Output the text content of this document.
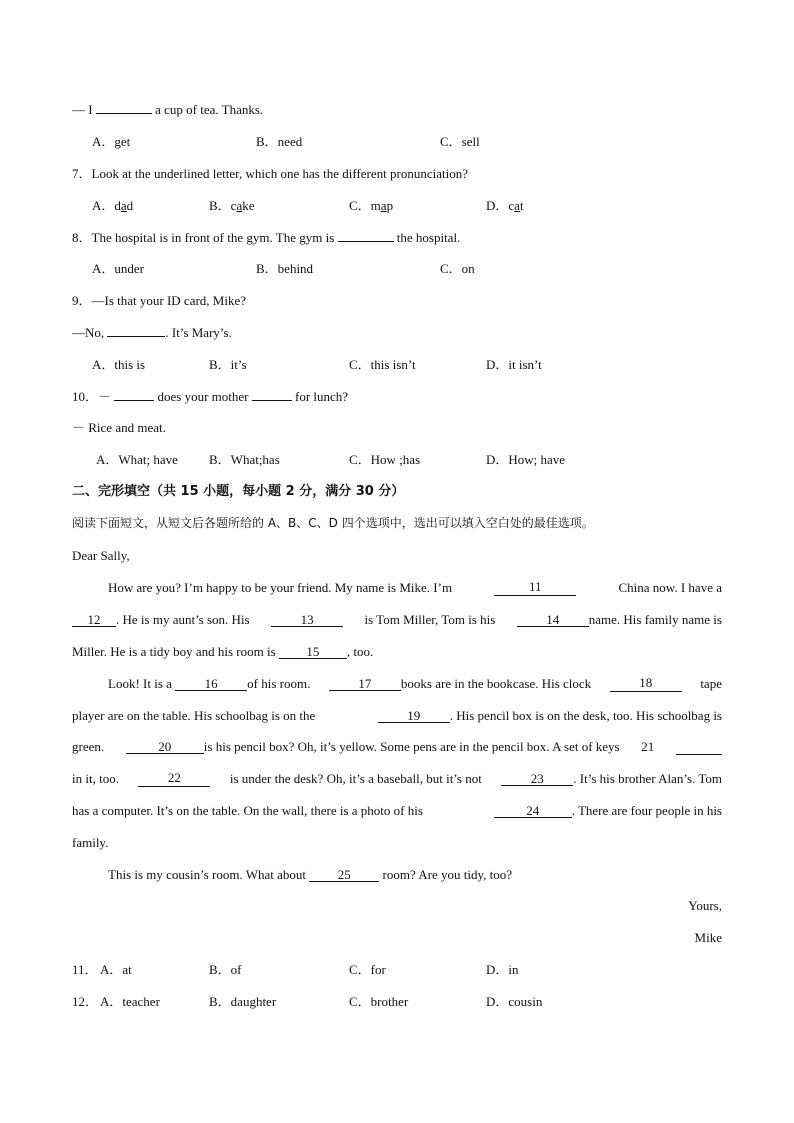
— I	a cup of tea. Thanks.
A．get	B．need	C．sell
7．Look at the underlined letter, which one has the different pronunciation?
A．dad	B．cake	C．map	D．cat
8．The hospital is in front of the gym. The gym is	the hospital.
A．under	B．behind	C．on
9．—Is that your ID card, Mike?
—No,	. It’s Mary’s.
A．this is	B．it’s	C．this isn’t	D．it isn’t
10．－	does your mother	for lunch?
－ Rice and meat.
A．What; have B．What;has	C．How ;has	D．How; have
二、完形填空（共 15 小题，每小题 2 分，满分 30 分）
阅读下面短文，从短文后各题所给的 A、B、C、D 四个选项中，选出可以填入空白处的最佳选项。
Dear Sally,
How are you? I’m happy to be your friend. My name is Mike. I’m	11	China now. I have a
12 . He is my aunt’s son. His	13	is Tom Miller, Tom is his	14 name. His family name is
Miller. He is a tidy boy and his room is 15 , too.
Look! It is a	16 of his room.	17 books are in the bookcase. His clock	18	tape
player are on the table. His schoolbag is on the	19 . His pencil box is on the desk, too. His schoolbag is
green.	20	is his pencil box? Oh, it’s yellow. Some pens are in the pencil box. A set of keys 21
in it, too.	22	is under the desk? Oh, it’s a baseball, but it’s not	23 . It’s his brother Alan’s. Tom
has a computer. It’s on the table. On the wall, there is a photo of his	24	. There are four people in his
family.
This is my cousin’s room. What about 25 room? Are you tidy, too?
Yours,
Mike
11． A．at	B．of	C．for	D．in
12． A．teacher	B．daughter	C．brother	D．cousin
